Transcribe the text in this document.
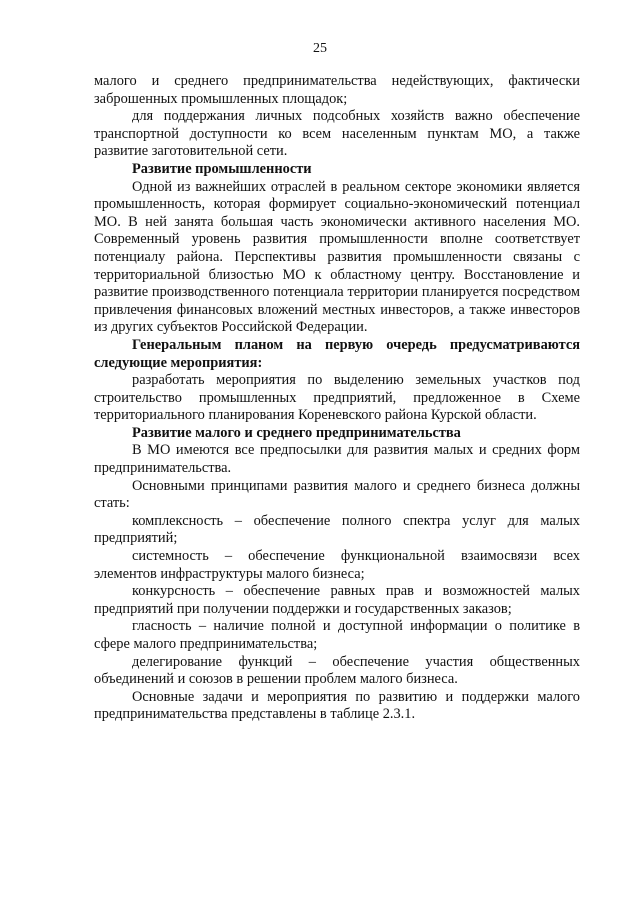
25

малого и среднего предпринимательства недействующих, фактически заброшенных промышленных площадок;

для поддержания личных подсобных хозяйств важно обеспечение транспортной доступности ко всем населенным пунктам МО, а также развитие заготовительной сети.

Развитие промышленности

Одной из важнейших отраслей в реальном секторе экономики является промышленность, которая формирует социально-экономический потенциал МО. В ней занята большая часть экономически активного населения МО. Современный уровень развития промышленности вполне соответствует потенциалу района. Перспективы развития промышленности связаны с территориальной близостью МО к областному центру. Восстановление и развитие производственного потенциала территории планируется посредством привлечения финансовых вложений местных инвесторов, а также инвесторов из других субъектов Российской Федерации.

Генеральным планом на первую очередь предусматриваются следующие мероприятия:

разработать мероприятия по выделению земельных участков под строительство промышленных предприятий, предложенное в Схеме территориального планирования Кореневского района Курской области.

Развитие малого и среднего предпринимательства

В МО имеются все предпосылки для развития малых и средних форм предпринимательства.

Основными принципами развития малого и среднего бизнеса должны стать:

комплексность – обеспечение полного спектра услуг для малых предприятий;

системность – обеспечение функциональной взаимосвязи всех элементов инфраструктуры малого бизнеса;

конкурсность – обеспечение равных прав и возможностей малых предприятий при получении поддержки и государственных заказов;

гласность – наличие полной и доступной информации о политике в сфере малого предпринимательства;

делегирование функций – обеспечение участия общественных объединений и союзов в решении проблем малого бизнеса.

Основные задачи и мероприятия по развитию и поддержки малого предпринимательства представлены в таблице 2.3.1.
